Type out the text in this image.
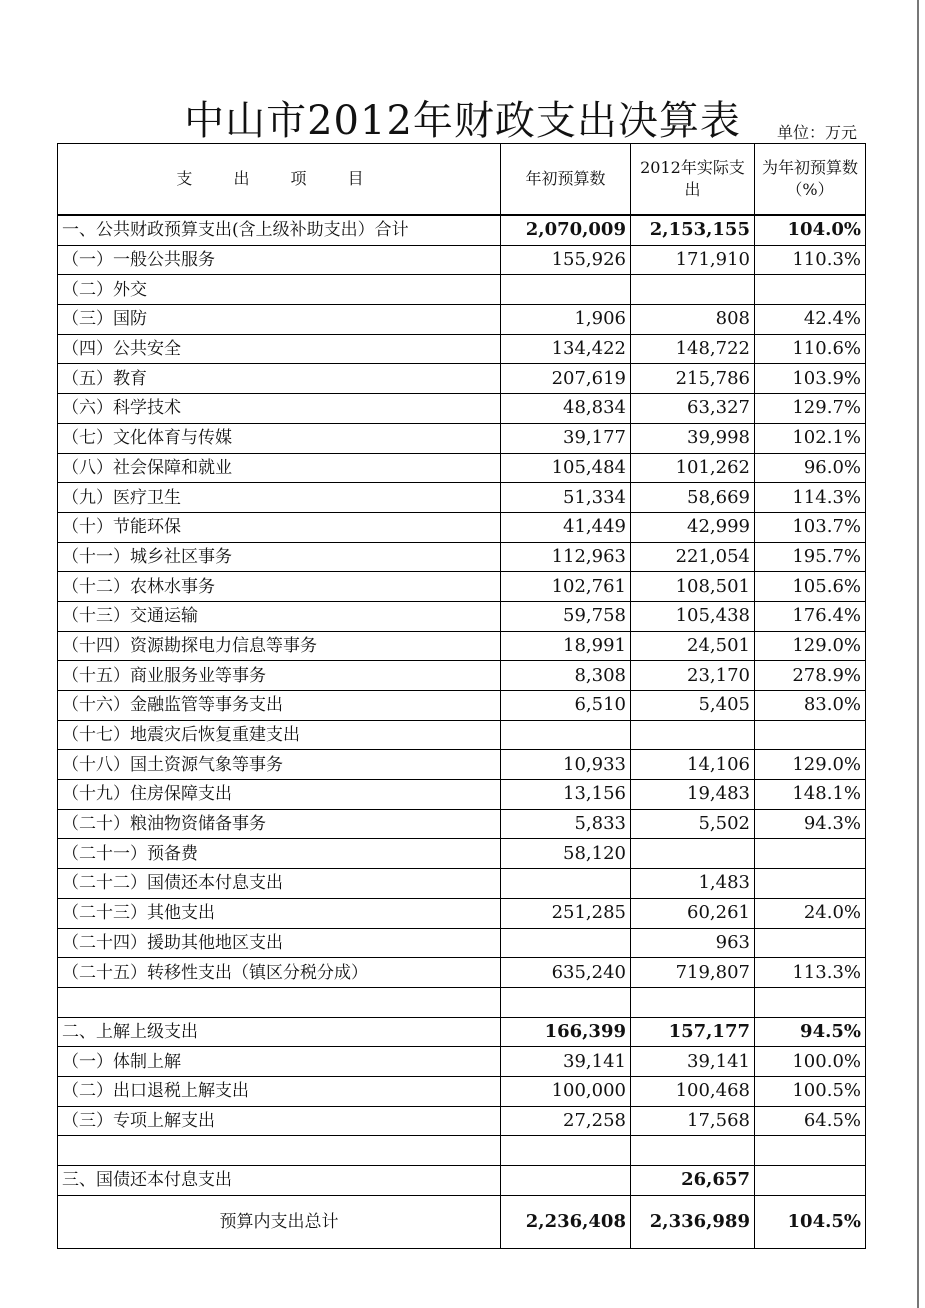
中山市2012年财政支出决算表	单位：万元
支 出 项 目	年初预算数	2012年实际支出	为年初预算数（%）
一、公共财政预算支出(含上级补助支出）合计	2,070,009	2,153,155	104.0%
（一）一般公共服务	155,926	171,910	110.3%
（二）外交			
（三）国防	1,906	808	42.4%
（四）公共安全	134,422	148,722	110.6%
（五）教育	207,619	215,786	103.9%
（六）科学技术	48,834	63,327	129.7%
（七）文化体育与传媒	39,177	39,998	102.1%
（八）社会保障和就业	105,484	101,262	96.0%
（九）医疗卫生	51,334	58,669	114.3%
（十）节能环保	41,449	42,999	103.7%
（十一）城乡社区事务	112,963	221,054	195.7%
（十二）农林水事务	102,761	108,501	105.6%
（十三）交通运输	59,758	105,438	176.4%
（十四）资源勘探电力信息等事务	18,991	24,501	129.0%
（十五）商业服务业等事务	8,308	23,170	278.9%
（十六）金融监管等事务支出	6,510	5,405	83.0%
（十七）地震灾后恢复重建支出			
（十八）国土资源气象等事务	10,933	14,106	129.0%
（十九）住房保障支出	13,156	19,483	148.1%
（二十）粮油物资储备事务	5,833	5,502	94.3%
（二十一）预备费	58,120		
（二十二）国债还本付息支出		1,483	
（二十三）其他支出	251,285	60,261	24.0%
（二十四）援助其他地区支出		963	
（二十五）转移性支出（镇区分税分成）	635,240	719,807	113.3%

二、上解上级支出	166,399	157,177	94.5%
（一）体制上解	39,141	39,141	100.0%
（二）出口退税上解支出	100,000	100,468	100.5%
（三）专项上解支出	27,258	17,568	64.5%

三、国债还本付息支出		26,657	
预算内支出总计	2,236,408	2,336,989	104.5%
